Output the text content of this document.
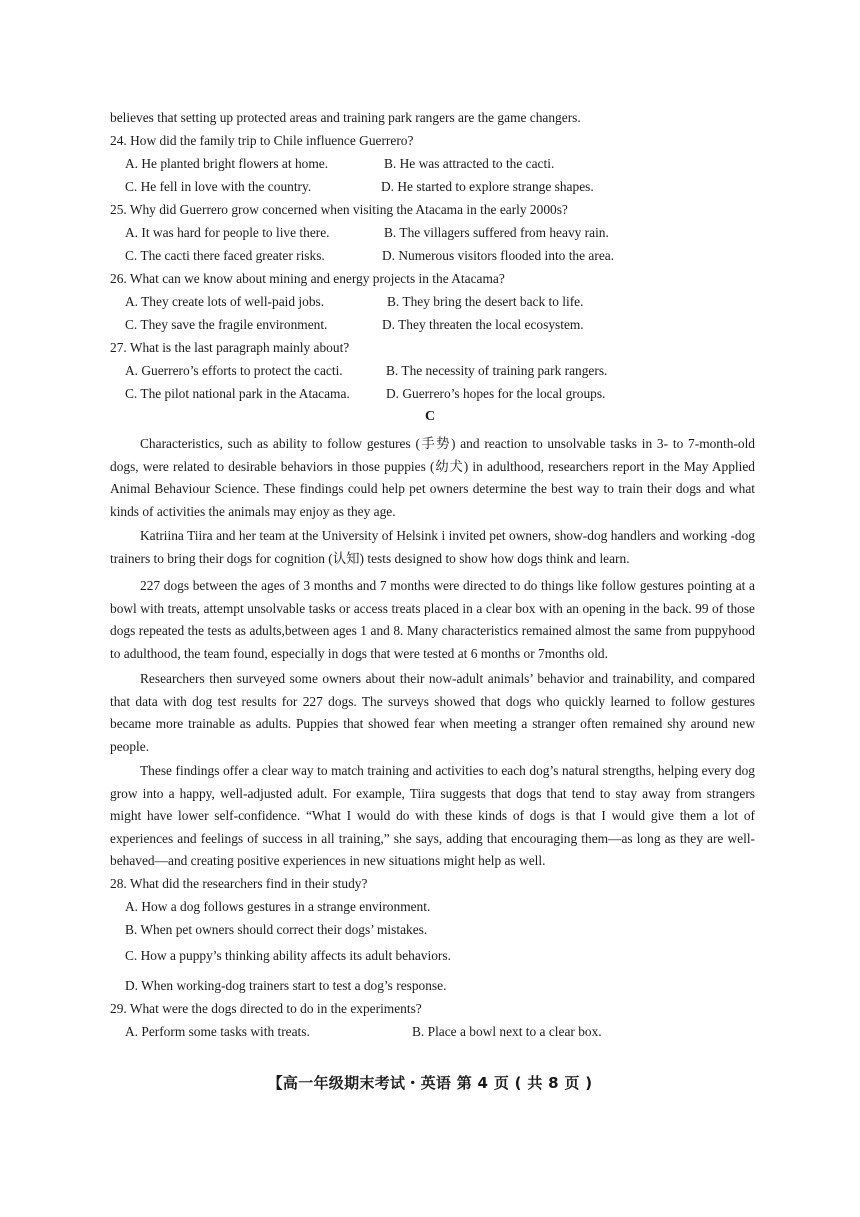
believes that setting up protected areas and training park rangers are the game changers.
24. How did the family trip to Chile influence Guerrero?
A. He planted bright flowers at home.	B. He was attracted to the cacti.
C. He fell in love with the country.	D. He started to explore strange shapes.
25. Why did Guerrero grow concerned when visiting the Atacama in the early 2000s?
A. It was hard for people to live there.	B. The villagers suffered from heavy rain.
C. The cacti there faced greater risks.	D. Numerous visitors flooded into the area.
26. What can we know about mining and energy projects in the Atacama?
A. They create lots of well-paid jobs.	B. They bring the desert back to life.
C. They save the fragile environment.	D. They threaten the local ecosystem.
27. What is the last paragraph mainly about?
A. Guerrero’s efforts to protect the cacti.	B. The necessity of training park rangers.
C. The pilot national park in the Atacama.	D. Guerrero’s hopes for the local groups.
C
Characteristics, such as ability to follow gestures (手势) and reaction to unsolvable tasks in 3- to 7-month-old dogs, were related to desirable behaviors in those puppies (幼犬) in adulthood, researchers report in the May Applied Animal Behaviour Science. These findings could help pet owners determine the best way to train their dogs and what kinds of activities the animals may enjoy as they age.
Katriina Tiira and her team at the University of Helsink i invited pet owners, show-dog handlers and working -dog trainers to bring their dogs for cognition (认知) tests designed to show how dogs think and learn.
227 dogs between the ages of 3 months and 7 months were directed to do things like follow gestures pointing at a bowl with treats, attempt unsolvable tasks or access treats placed in a clear box with an opening in the back. 99 of those dogs repeated the tests as adults,between ages 1 and 8. Many characteristics remained almost the same from puppyhood to adulthood, the team found, especially in dogs that were tested at 6 months or 7months old.
Researchers then surveyed some owners about their now-adult animals’ behavior and trainability, and compared that data with dog test results for 227 dogs. The surveys showed that dogs who quickly learned to follow gestures became more trainable as adults. Puppies that showed fear when meeting a stranger often remained shy around new people.
These findings offer a clear way to match training and activities to each dog’s natural strengths, helping every dog grow into a happy, well-adjusted adult. For example, Tiira suggests that dogs that tend to stay away from strangers might have lower self-confidence. “What I would do with these kinds of dogs is that I would give them a lot of experiences and feelings of success in all training,” she says, adding that encouraging them—as long as they are well-behaved—and creating positive experiences in new situations might help as well.
28. What did the researchers find in their study?
A. How a dog follows gestures in a strange environment.
B. When pet owners should correct their dogs’ mistakes.
C. How a puppy’s thinking ability affects its adult behaviors.
D. When working-dog trainers start to test a dog’s response.
29. What were the dogs directed to do in the experiments?
A. Perform some tasks with treats.	B. Place a bowl next to a clear box.
【高一年级期末考试・英语 第 4 页 ( 共 8 页 )
